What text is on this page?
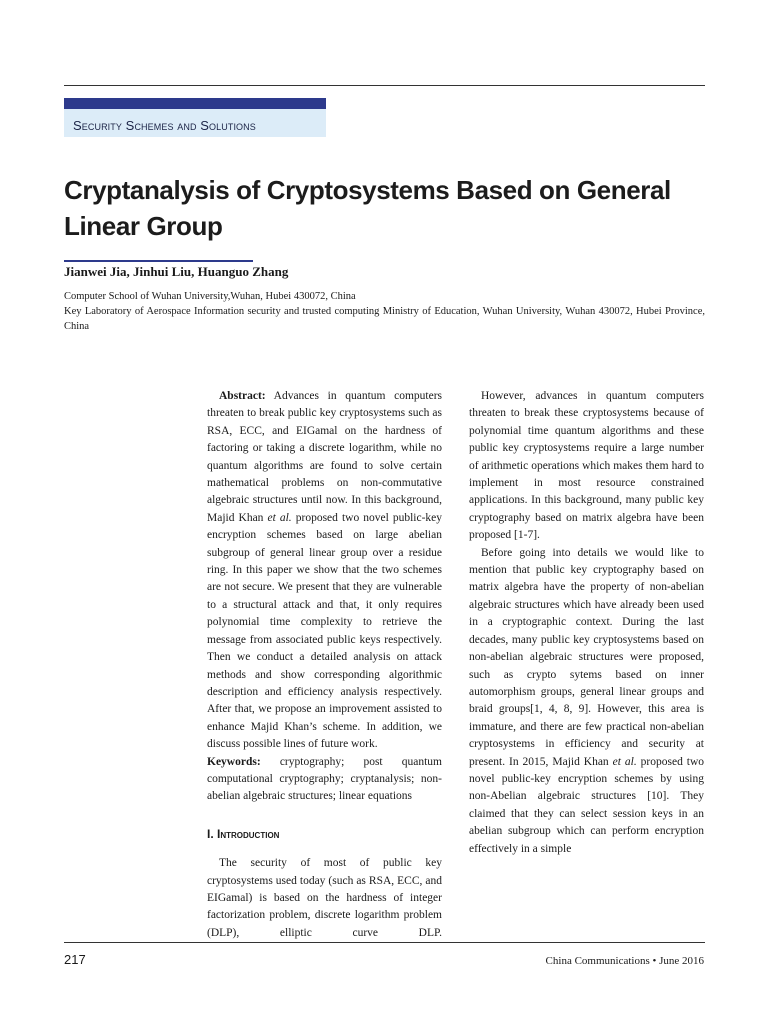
Security Schemes and Solutions
Cryptanalysis of Cryptosystems Based on General Linear Group
Jianwei Jia, Jinhui Liu, Huanguo Zhang
Computer School of Wuhan University,Wuhan, Hubei 430072, China
Key Laboratory of Aerospace Information security and trusted computing Ministry of Education, Wuhan University, Wuhan 430072, Hubei Province, China

Abstract: Advances in quantum computers threaten to break public key cryptosystems such as RSA, ECC, and EIGamal on the hardness of factoring or taking a discrete logarithm, while no quantum algorithms are found to solve certain mathematical problems on non-commutative algebraic structures until now. In this background, Majid Khan et al. proposed two novel public-key encryption schemes based on large abelian subgroup of general linear group over a residue ring. In this paper we show that the two schemes are not secure. We present that they are vulnerable to a structural attack and that, it only requires polynomial time complexity to retrieve the message from associated public keys respectively. Then we conduct a detailed analysis on attack methods and show corresponding algorithmic description and efficiency analysis respectively. After that, we propose an improvement assisted to enhance Majid Khan’s scheme. In addition, we discuss possible lines of future work.

Keywords: cryptography; post quantum computational cryptography; cryptanalysis; non-abelian algebraic structures; linear equations

I. Introduction

The security of most of public key cryptosystems used today (such as RSA, ECC, and EIGamal) is based on the hardness of integer factorization problem, discrete logarithm problem (DLP), elliptic curve DLP.

However, advances in quantum computers threaten to break these cryptosystems because of polynomial time quantum algorithms and these public key cryptosystems require a large number of arithmetic operations which makes them hard to implement in most resource constrained applications. In this background, many public key cryptography based on matrix algebra have been proposed [1-7].

Before going into details we would like to mention that public key cryptography based on matrix algebra have the property of non-abelian algebraic structures which have already been used in a cryptographic context. During the last decades, many public key cryptosystems based on non-abelian algebraic structures were proposed, such as crypto sytems based on inner automorphism groups, general linear groups and braid groups[1, 4, 8, 9]. However, this area is immature, and there are few practical non-abelian cryptosystems in efficiency and security at present. In 2015, Majid Khan et al. proposed two novel public-key encryption schemes by using non-Abelian algebraic structures [10]. They claimed that they can select session keys in an abelian subgroup which can perform encryption effectively in a simple

217	China Communications • June 2016
